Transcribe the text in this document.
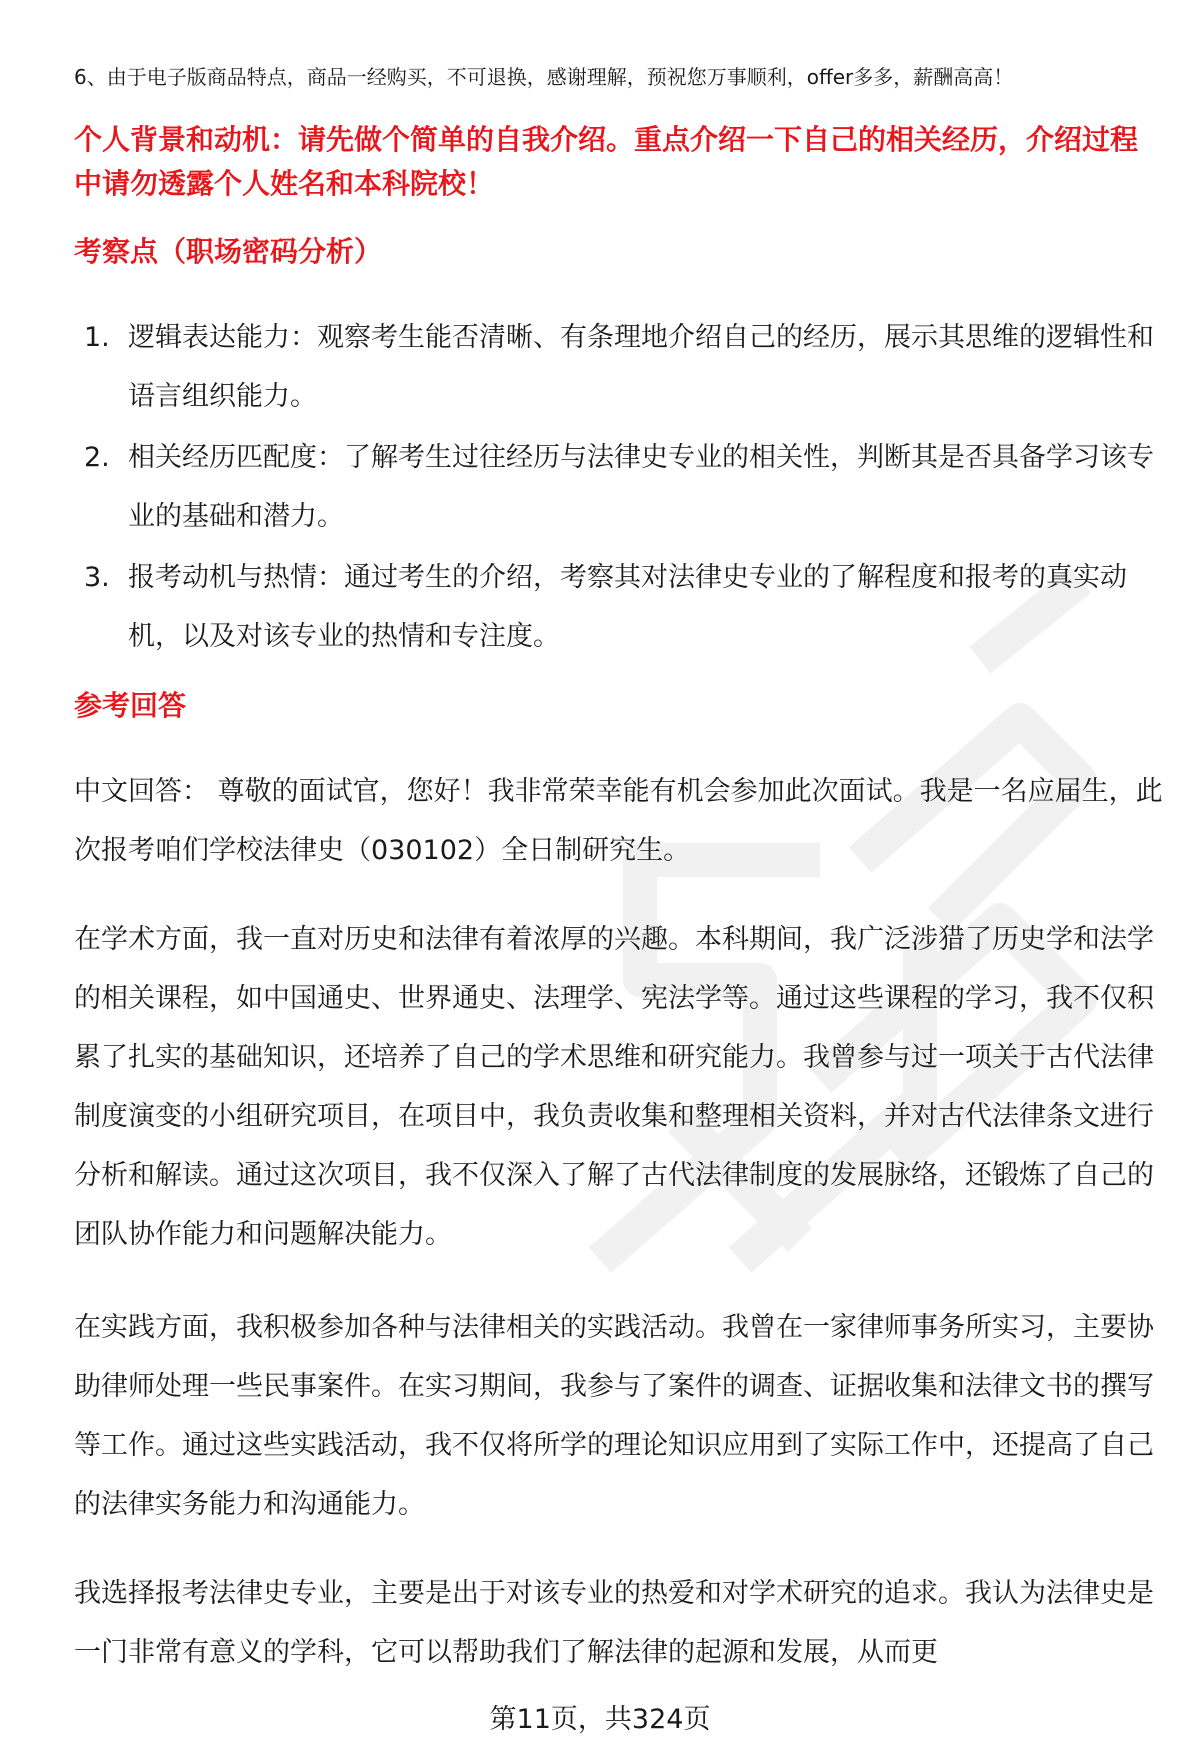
6、由于电子版商品特点，商品一经购买，不可退换，感谢理解，预祝您万事顺利，offer多多，薪酬高高！
个人背景和动机：请先做个简单的自我介绍。重点介绍一下自己的相关经历，介绍过程中请勿透露个人姓名和本科院校！
考察点（职场密码分析）
1. 逻辑表达能力：观察考生能否清晰、有条理地介绍自己的经历，展示其思维的逻辑性和语言组织能力。
2. 相关经历匹配度：了解考生过往经历与法律史专业的相关性，判断其是否具备学习该专业的基础和潜力。
3. 报考动机与热情：通过考生的介绍，考察其对法律史专业的了解程度和报考的真实动机，以及对该专业的热情和专注度。
参考回答

中文回答： 尊敬的面试官，您好！我非常荣幸能有机会参加此次面试。我是一名应届生，此次报考咱们学校法律史（030102）全日制研究生。

在学术方面，我一直对历史和法律有着浓厚的兴趣。本科期间，我广泛涉猎了历史学和法学的相关课程，如中国通史、世界通史、法理学、宪法学等。通过这些课程的学习，我不仅积累了扎实的基础知识，还培养了自己的学术思维和研究能力。我曾参与过一项关于古代法律制度演变的小组研究项目，在项目中，我负责收集和整理相关资料，并对古代法律条文进行分析和解读。通过这次项目，我不仅深入了解了古代法律制度的发展脉络，还锻炼了自己的团队协作能力和问题解决能力。

在实践方面，我积极参加各种与法律相关的实践活动。我曾在一家律师事务所实习，主要协助律师处理一些民事案件。在实习期间，我参与了案件的调查、证据收集和法律文书的撰写等工作。通过这些实践活动，我不仅将所学的理论知识应用到了实际工作中，还提高了自己的法律实务能力和沟通能力。

我选择报考法律史专业，主要是出于对该专业的热爱和对学术研究的追求。我认为法律史是一门非常有意义的学科，它可以帮助我们了解法律的起源和发展，从而更

第11页，共324页
